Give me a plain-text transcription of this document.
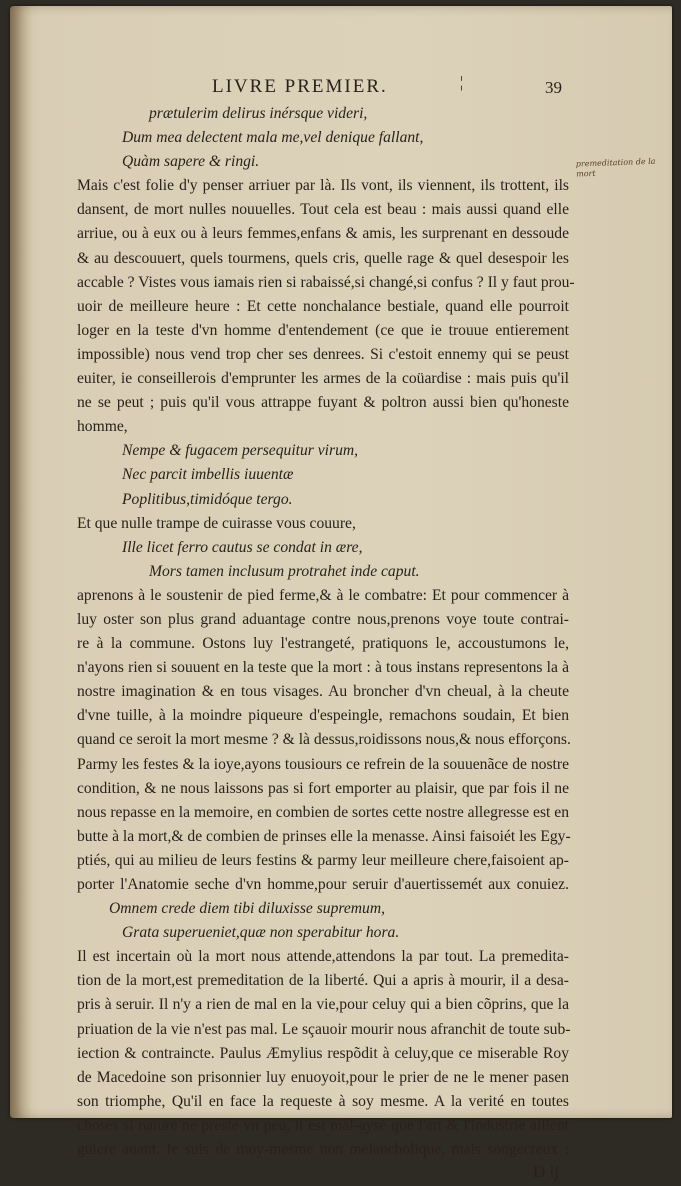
premeditation de la mort
LIVRE PREMIER.	¦	39
prætulerim delirus inérsque videri,
Dum mea delectent mala me,vel denique fallant,
Quàm sapere & ringi.
Mais c'est folie d'y penser arriuer par là. Ils vont, ils viennent, ils trottent, ils
dansent, de mort nulles nouuelles. Tout cela est beau : mais aussi quand elle
arriue, ou à eux ou à leurs femmes,enfans & amis, les surprenant en dessoude
& au descouuert, quels tourmens, quels cris, quelle rage & quel desespoir les
accable ? Vistes vous iamais rien si rabaissé,si changé,si confus ? Il y faut prou-
uoir de meilleure heure : Et cette nonchalance bestiale, quand elle pourroit
loger en la teste d'vn homme d'entendement (ce que ie trouue entierement
impossible) nous vend trop cher ses denrees. Si c'estoit ennemy qui se peust
euiter, ie conseillerois d'emprunter les armes de la coüardise : mais puis qu'il
ne se peut ; puis qu'il vous attrappe fuyant & poltron aussi bien qu'honeste
homme,
Nempe & fugacem persequitur virum,
Nec parcit imbellis iuuentæ
Poplitibus,timidóque tergo.
Et que nulle trampe de cuirasse vous couure,
Ille licet ferro cautus se condat in ære,
Mors tamen inclusum protrahet inde caput.
aprenons à le soustenir de pied ferme,& à le combatre: Et pour commencer à
luy oster son plus grand aduantage contre nous,prenons voye toute contrai-
re à la commune. Ostons luy l'estrangeté, pratiquons le, accoustumons le,
n'ayons rien si souuent en la teste que la mort : à tous instans representons la à
nostre imagination & en tous visages. Au broncher d'vn cheual, à la cheute
d'vne tuille, à la moindre piqueure d'espeingle, remachons soudain, Et bien
quand ce seroit la mort mesme ? & là dessus,roidissons nous,& nous efforçons.
Parmy les festes & la ioye,ayons tousiours ce refrein de la souuenãce de nostre
condition, & ne nous laissons pas si fort emporter au plaisir, que par fois il ne
nous repasse en la memoire, en combien de sortes cette nostre allegresse est en
butte à la mort,& de combien de prinses elle la menasse. Ainsi faisoiét les Egy-
ptiés, qui au milieu de leurs festins & parmy leur meilleure chere,faisoient ap-
porter l'Anatomie seche d'vn homme,pour seruir d'auertissemét aux conuiez.
Omnem crede diem tibi diluxisse supremum,
Grata superueniet,quæ non sperabitur hora.
Il est incertain où la mort nous attende,attendons la par tout. La premedita-
tion de la mort,est premeditation de la liberté. Qui a apris à mourir, il a desa-
pris à seruir. Il n'y a rien de mal en la vie,pour celuy qui a bien cõprins, que la
priuation de la vie n'est pas mal. Le sçauoir mourir nous afranchit de toute sub-
iection & contraincte. Paulus Æmylius respõdit à celuy,que ce miserable Roy
de Macedoine son prisonnier luy enuoyoit,pour le prier de ne le mener pasen
son triomphe, Qu'il en face la requeste à soy mesme. A la verité en toutes
choses si nature ne preste vn peu, il est mal-aysé que l'art & l'industrie aillent
guiere auant. Ie suis de moy-mesme non melancholique, mais songecreux :
D ij
